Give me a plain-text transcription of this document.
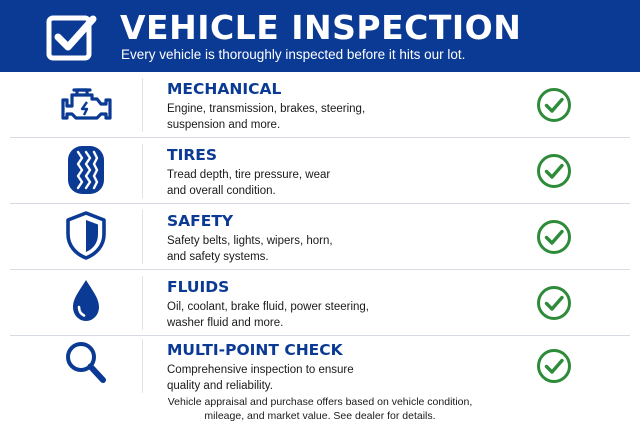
VEHICLE INSPECTION
Every vehicle is thoroughly inspected before it hits our lot.
MECHANICAL
Engine, transmission, brakes, steering,
suspension and more.
TIRES
Tread depth, tire pressure, wear
and overall condition.
SAFETY
Safety belts, lights, wipers, horn,
and safety systems.
FLUIDS
Oil, coolant, brake fluid, power steering,
washer fluid and more.
MULTI-POINT CHECK
Comprehensive inspection to ensure
quality and reliability.
Vehicle appraisal and purchase offers based on vehicle condition,
mileage, and market value. See dealer for details.
